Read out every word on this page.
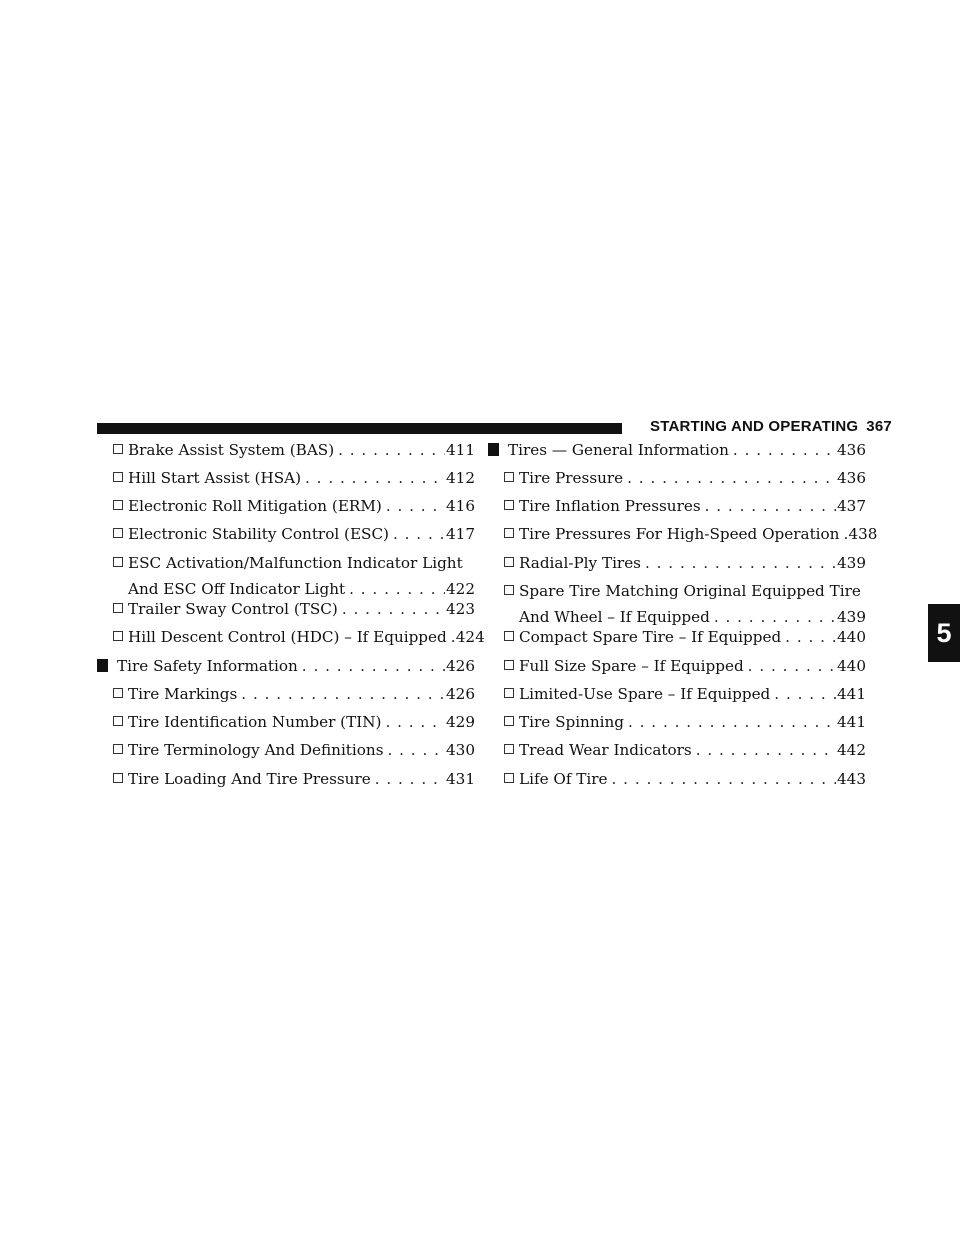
STARTING AND OPERATING 367
Brake Assist System (BAS) . . .	411
Hill Start Assist (HSA) . . .	412
Electronic Roll Mitigation (ERM) . . .	416
Electronic Stability Control (ESC) . . .	417
ESC Activation/Malfunction Indicator Light
And ESC Off Indicator Light . . .	422
Trailer Sway Control (TSC) . . .	423
Hill Descent Control (HDC) – If Equipped . . . 424
Tire Safety Information . . .	426
Tire Markings . . .	426
Tire Identification Number (TIN) . . .	429
Tire Terminology And Definitions . . .	430
Tire Loading And Tire Pressure . . .	431
Tires — General Information . . .	436
Tire Pressure . . .	436
Tire Inflation Pressures . . .	437
Tire Pressures For High-Speed Operation . . . 438
Radial-Ply Tires . . .	439
Spare Tire Matching Original Equipped Tire
And Wheel – If Equipped . . .	439
Compact Spare Tire – If Equipped . . .	440
Full Size Spare – If Equipped . . .	440
Limited-Use Spare – If Equipped . . .	441
Tire Spinning . . .	441
Tread Wear Indicators . . .	442
Life Of Tire . . .	443
5
